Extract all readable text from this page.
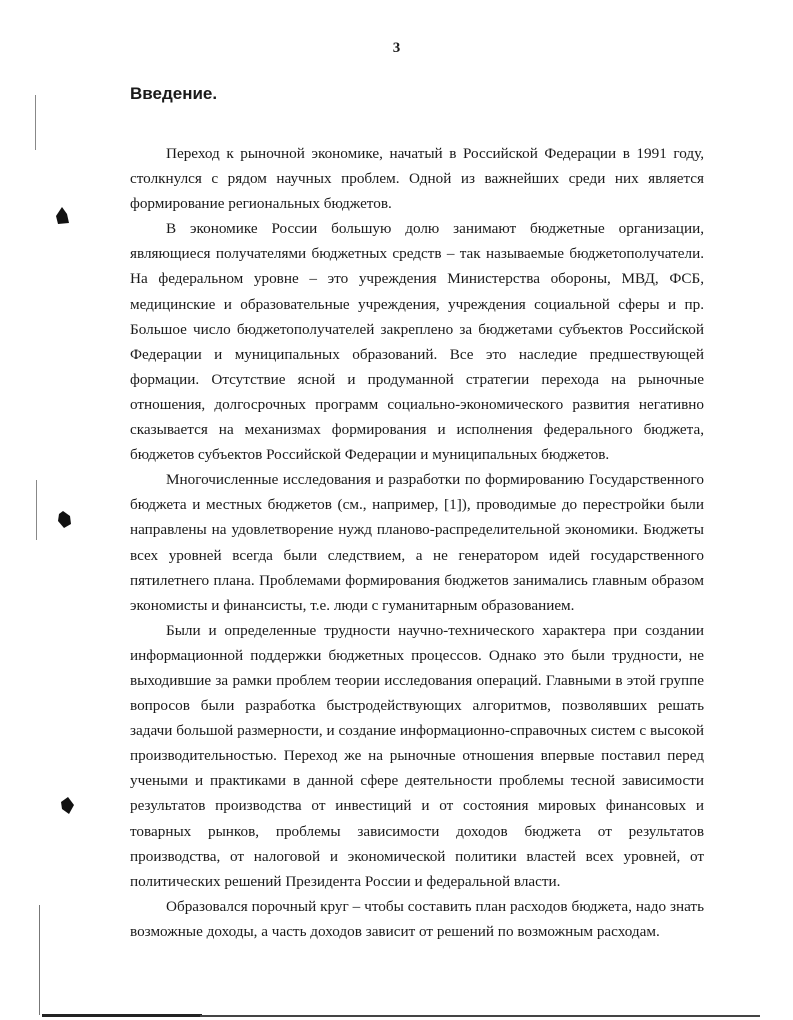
3
Введение.

Переход к рыночной экономике, начатый в Российской Федерации в 1991 году, столкнулся с рядом научных проблем. Одной из важнейших среди них является формирование региональных бюджетов.

В экономике России большую долю занимают бюджетные организации, являющиеся получателями бюджетных средств – так называемые бюджетополучатели. На федеральном уровне – это учреждения Министерства обороны, МВД, ФСБ, медицинские и образовательные учреждения, учреждения социальной сферы и пр. Большое число бюджетополучателей закреплено за бюджетами субъектов Российской Федерации и муниципальных образований. Все это наследие предшествующей формации. Отсутствие ясной и продуманной стратегии перехода на рыночные отношения, долгосрочных программ социально-экономического развития негативно сказывается на механизмах формирования и исполнения федерального бюджета, бюджетов субъектов Российской Федерации и муниципальных бюджетов.

Многочисленные исследования и разработки по формированию Государственного бюджета и местных бюджетов (см., например, [1]), проводимые до перестройки были направлены на удовлетворение нужд планово-распределительной экономики. Бюджеты всех уровней всегда были следствием, а не генератором идей государственного пятилетнего плана. Проблемами формирования бюджетов занимались главным образом экономисты и финансисты, т.е. люди с гуманитарным образованием.

Были и определенные трудности научно-технического характера при создании информационной поддержки бюджетных процессов. Однако это были трудности, не выходившие за рамки проблем теории исследования операций. Главными в этой группе вопросов были разработка быстродействующих алгоритмов, позволявших решать задачи большой размерности, и создание информационно-справочных систем с высокой производительностью. Переход же на рыночные отношения впервые поставил перед учеными и практиками в данной сфере деятельности проблемы тесной зависимости результатов производства от инвестиций и от состояния мировых финансовых и товарных рынков, проблемы зависимости доходов бюджета от результатов производства, от налоговой и экономической политики властей всех уровней, от политических решений Президента России и федеральной власти.

Образовался порочный круг – чтобы составить план расходов бюджета, надо знать возможные доходы, а часть доходов зависит от решений по возможным расходам.
